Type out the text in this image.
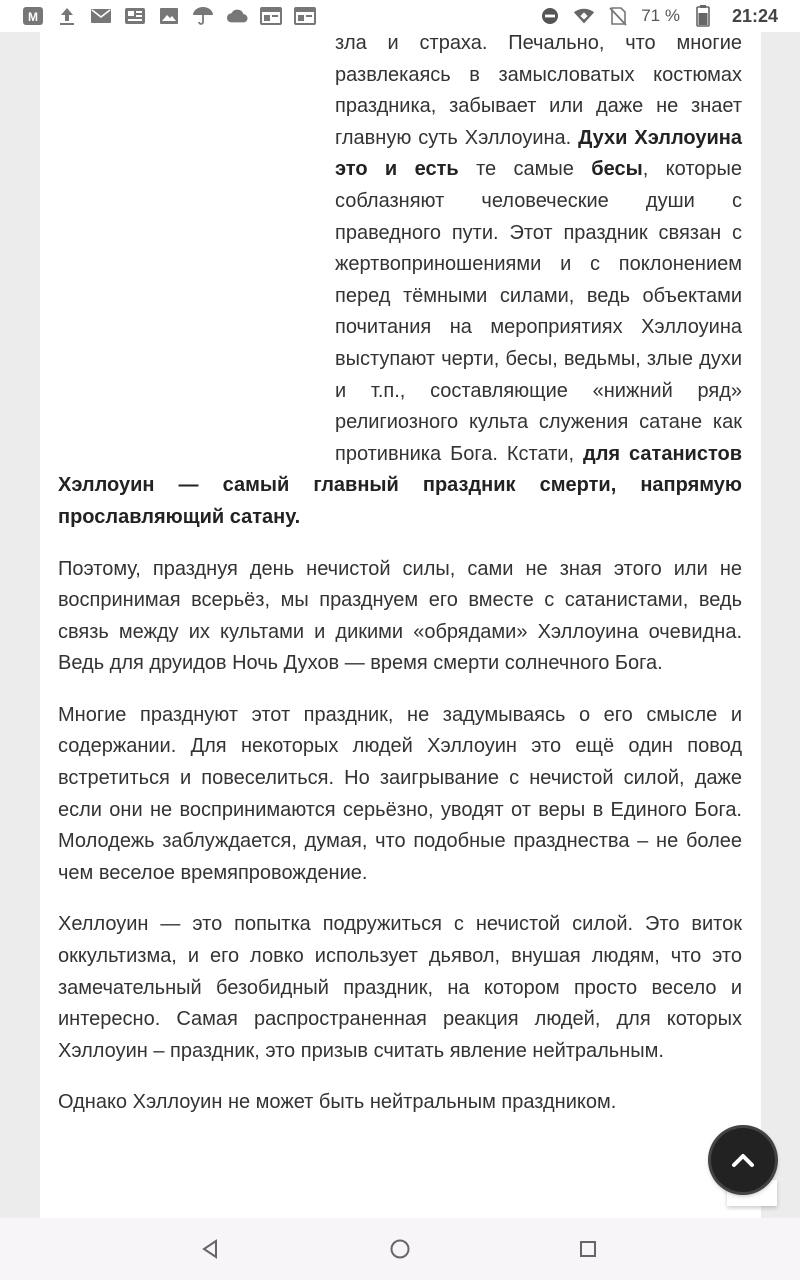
M	71 %	21:24

зла и страха. Печально, что многие развлекаясь в замысловатых костюмах праздника, забывает или даже не знает главную суть Хэллоуина. Духи Хэллоуина это и есть те самые бесы, которые соблазняют человеческие души с праведного пути. Этот праздник связан с жертвоприношениями и с поклонением перед тёмными силами, ведь объектами почитания на мероприятиях Хэллоуина выступают черти, бесы, ведьмы, злые духи и т.п., составляющие «нижний ряд» религиозного культа служения сатане как противника Бога. Кстати, для сатанистов Хэллоуин — самый главный праздник смерти, напрямую прославляющий сатану.

Поэтому, празднуя день нечистой силы, сами не зная этого или не воспринимая всерьёз, мы празднуем его вместе с сатанистами, ведь связь между их культами и дикими «обрядами» Хэллоуина очевидна. Ведь для друидов Ночь Духов — время смерти солнечного Бога.

Многие празднуют этот праздник, не задумываясь о его смысле и содержании. Для некоторых людей Хэллоуин это ещё один повод встретиться и повеселиться. Но заигрывание с нечистой силой, даже если они не воспринимаются серьёзно, уводят от веры в Единого Бога. Молодежь заблуждается, думая, что подобные празднества – не более чем веселое времяпровождение.

Хеллоуин — это попытка подружиться с нечистой силой. Это виток оккультизма, и его ловко использует дьявол, внушая людям, что это замечательный безобидный праздник, на котором просто весело и интересно. Самая распространенная реакция людей, для которых Хэллоуин – праздник, это призыв считать явление нейтральным.

Однако Хэллоуин не может быть нейтральным праздником.
